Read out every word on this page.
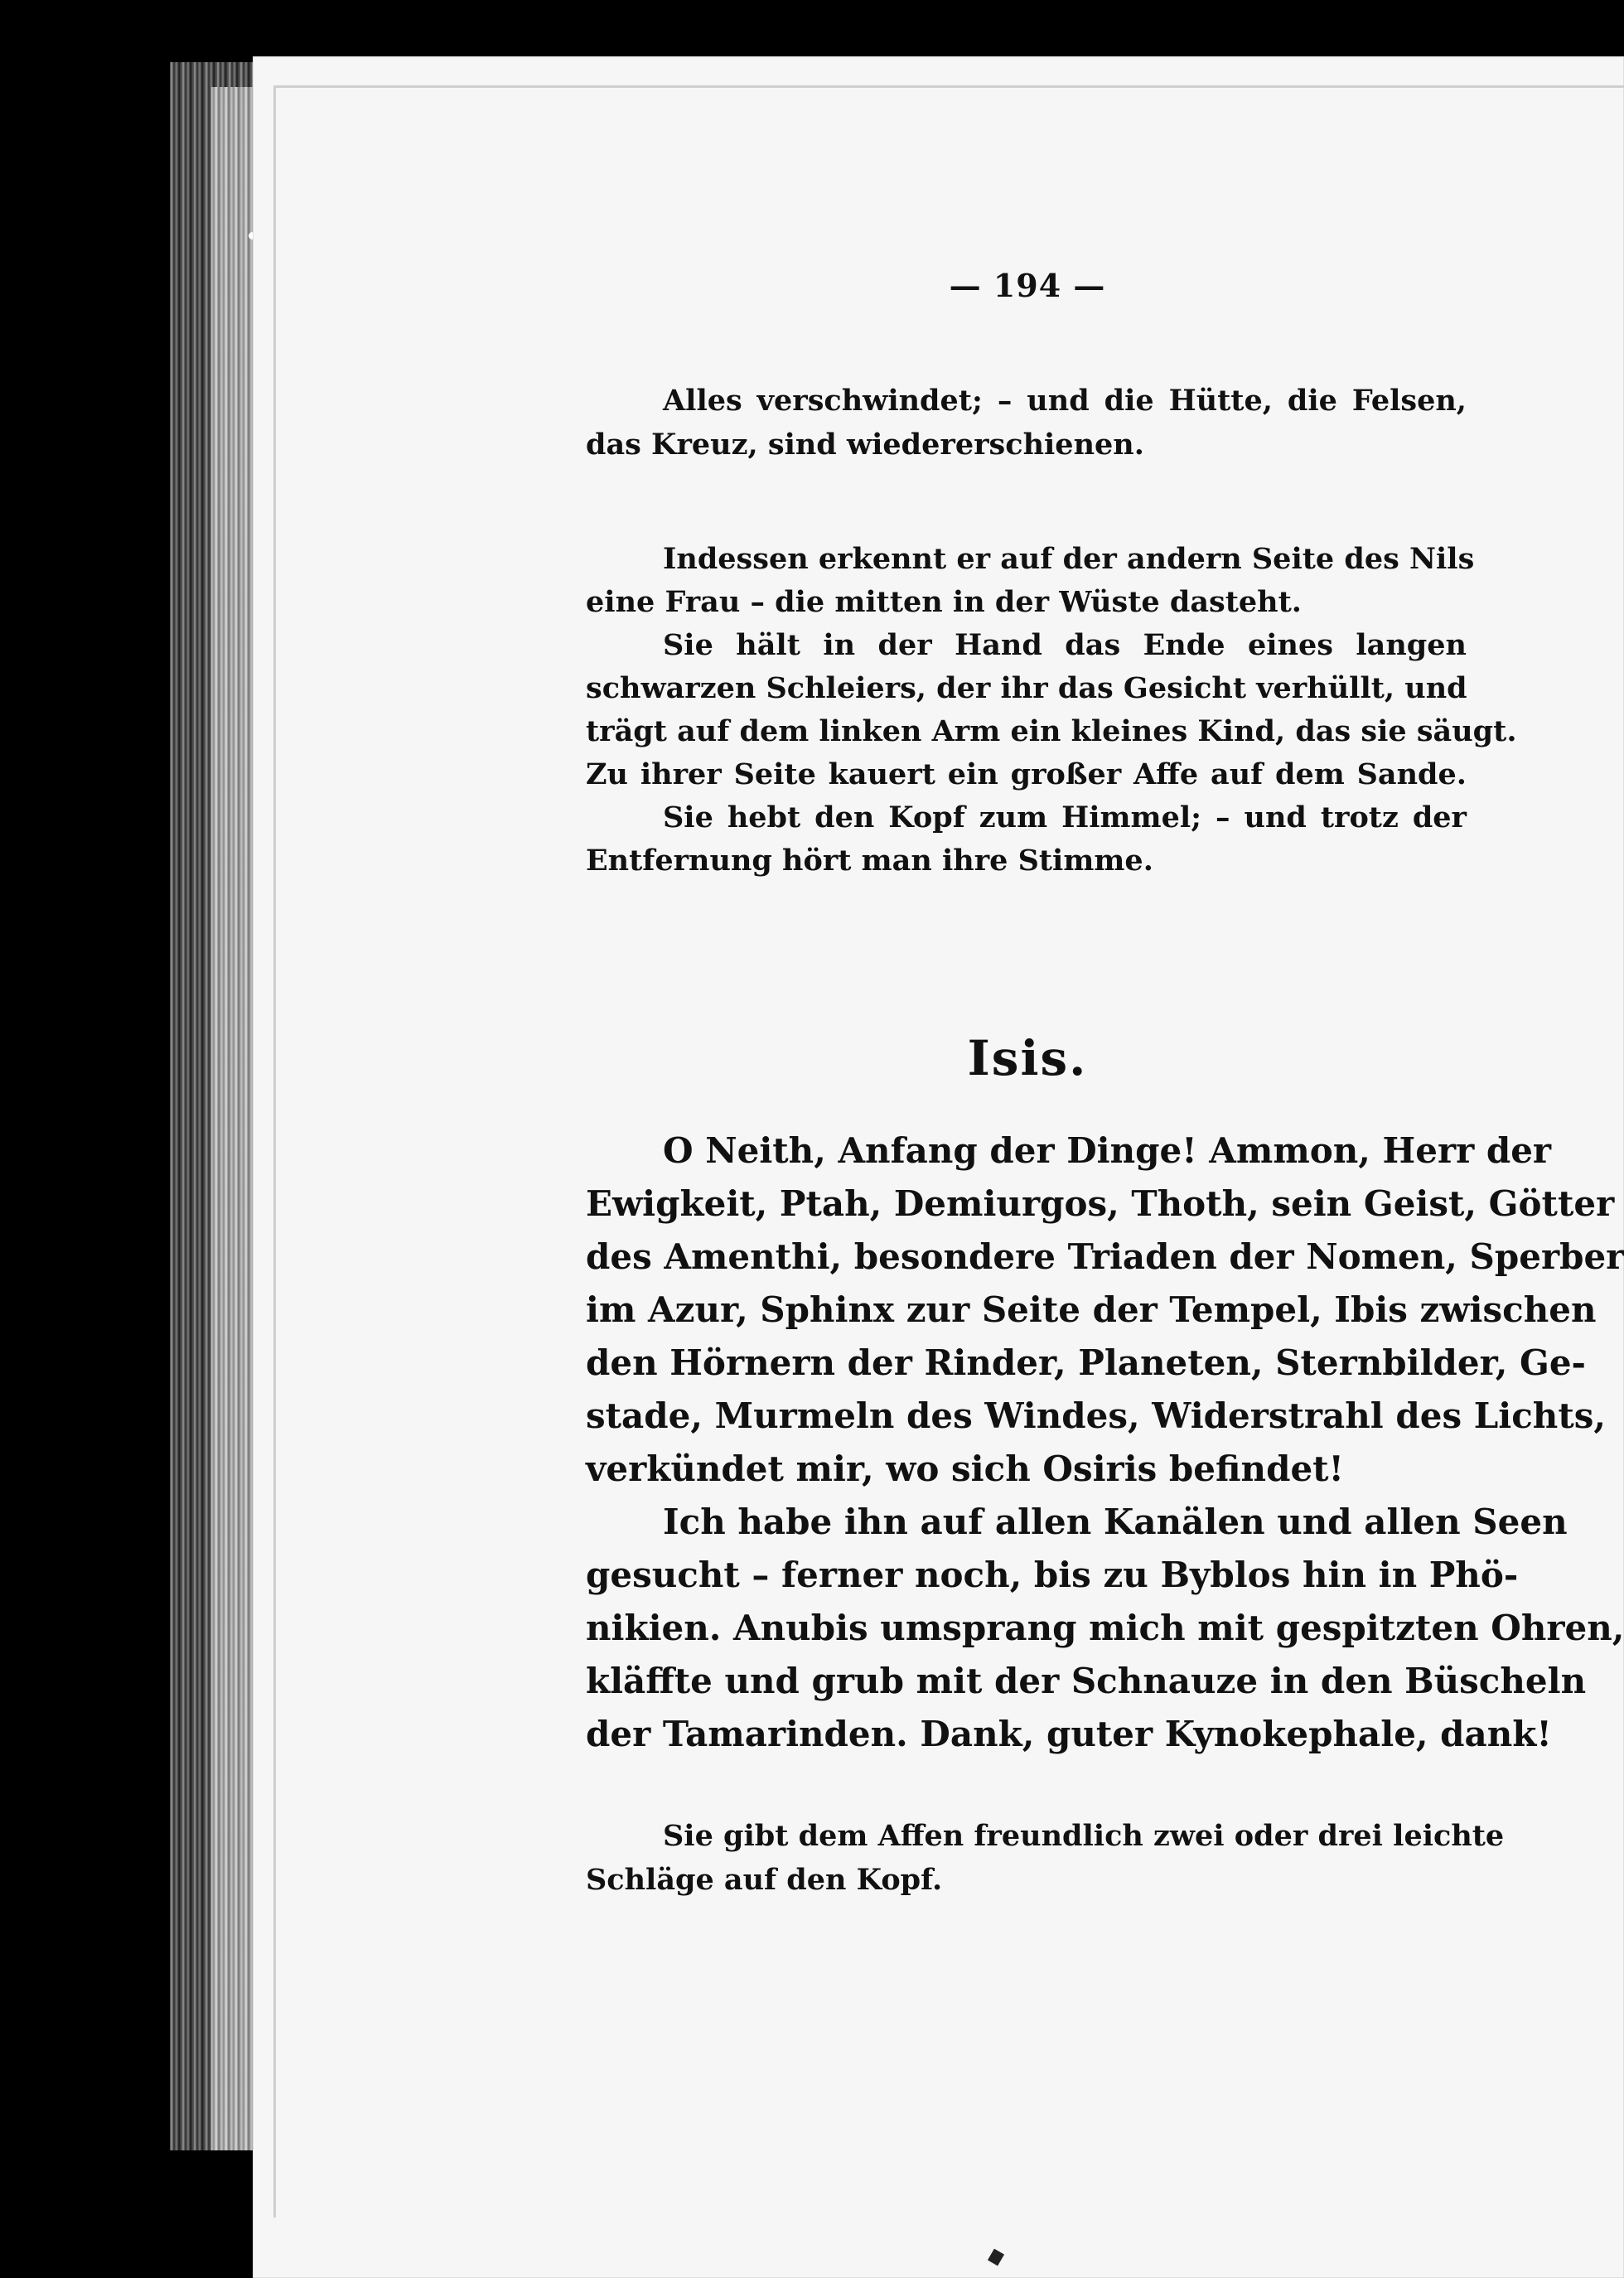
— 194 —
Alles verschwindet; – und die Hütte, die Felsen,
das Kreuz, sind wiedererschienen.
Indessen erkennt er auf der andern Seite des Nils
eine Frau – die mitten in der Wüste dasteht.
Sie hält in der Hand das Ende eines langen
schwarzen Schleiers, der ihr das Gesicht verhüllt, und
trägt auf dem linken Arm ein kleines Kind, das sie säugt.
Zu ihrer Seite kauert ein großer Affe auf dem Sande.
Sie hebt den Kopf zum Himmel; – und trotz der
Entfernung hört man ihre Stimme.
Isis.
O Neith, Anfang der Dinge! Ammon, Herr der
Ewigkeit, Ptah, Demiurgos, Thoth, sein Geist, Götter
des Amenthi, besondere Triaden der Nomen, Sperber
im Azur, Sphinx zur Seite der Tempel, Ibis zwischen
den Hörnern der Rinder, Planeten, Sternbilder, Ge-
stade, Murmeln des Windes, Widerstrahl des Lichts,
verkündet mir, wo sich Osiris befindet!
Ich habe ihn auf allen Kanälen und allen Seen
gesucht – ferner noch, bis zu Byblos hin in Phö-
nikien. Anubis umsprang mich mit gespitzten Ohren,
kläffte und grub mit der Schnauze in den Büscheln
der Tamarinden. Dank, guter Kynokephale, dank!
Sie gibt dem Affen freundlich zwei oder drei leichte
Schläge auf den Kopf.
